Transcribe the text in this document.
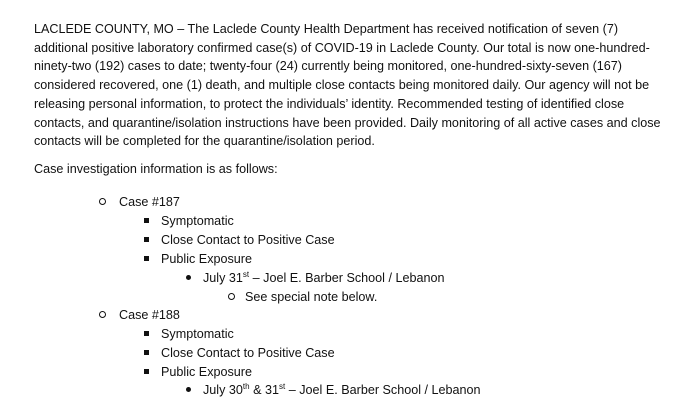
LACLEDE COUNTY, MO – The Laclede County Health Department has received notification of seven (7) additional positive laboratory confirmed case(s) of COVID-19 in Laclede County. Our total is now one-hundred-ninety-two (192) cases to date; twenty-four (24) currently being monitored, one-hundred-sixty-seven (167) considered recovered, one (1) death, and multiple close contacts being monitored daily. Our agency will not be releasing personal information, to protect the individuals’ identity. Recommended testing of identified close contacts, and quarantine/isolation instructions have been provided. Daily monitoring of all active cases and close contacts will be completed for the quarantine/isolation period.

Case investigation information is as follows:

Case #187
Symptomatic
Close Contact to Positive Case
Public Exposure
July 31st – Joel E. Barber School / Lebanon
See special note below.
Case #188
Symptomatic
Close Contact to Positive Case
Public Exposure
July 30th & 31st – Joel E. Barber School / Lebanon
